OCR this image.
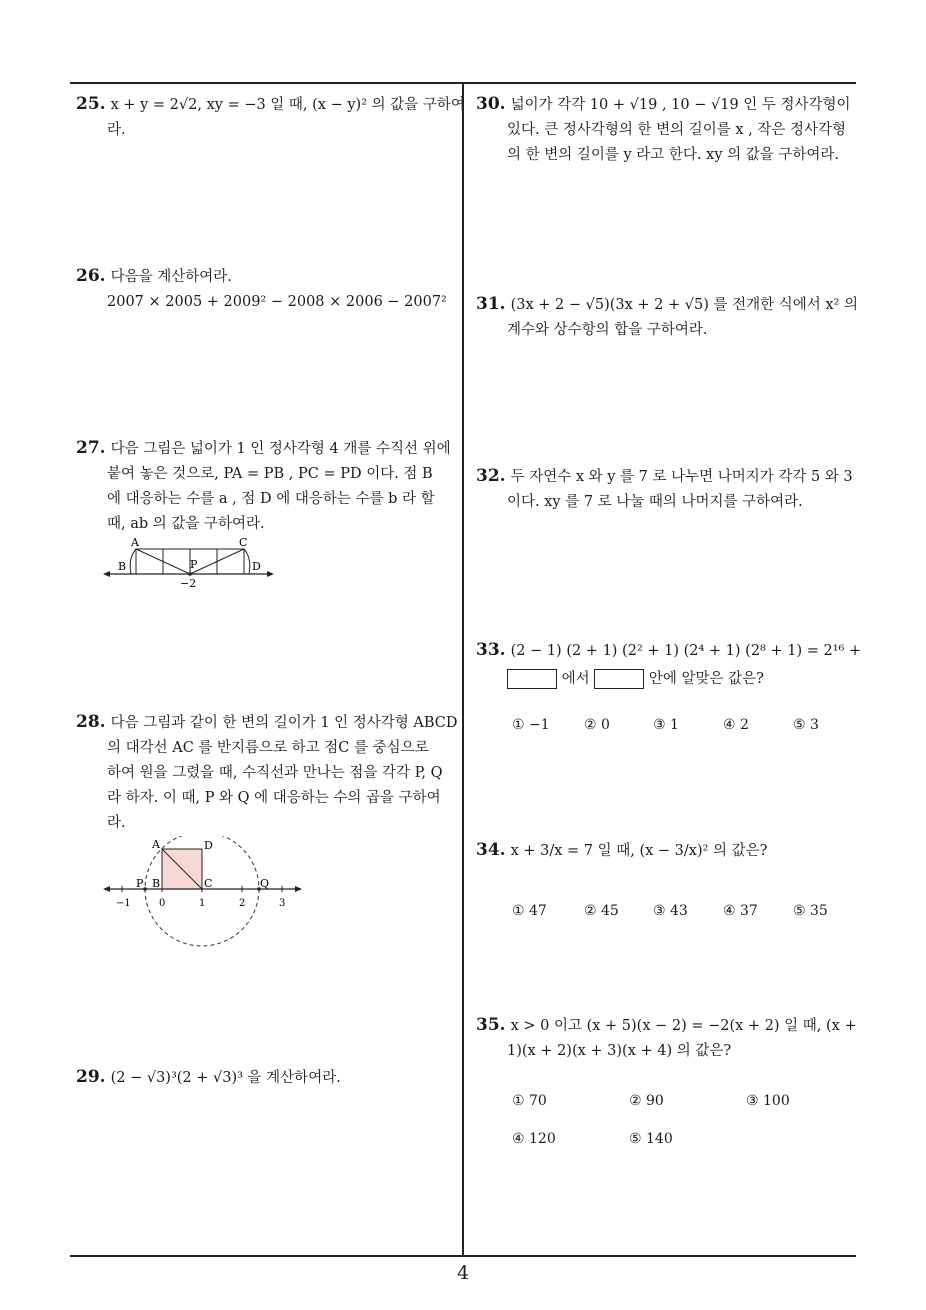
25. x + y = 2√2, xy = −3 일 때, (x − y)² 의 값을 구하여
라.
26. 다음을 계산하여라.
2007 × 2005 + 2009² − 2008 × 2006 − 2007²
27. 다음 그림은 넓이가 1 인 정사각형 4 개를 수직선 위에
붙여 놓은 것으로, PA = PB , PC = PD 이다. 점 B
에 대응하는 수를 a , 점 D 에 대응하는 수를 b 라 할
때, ab 의 값을 구하여라.
A	C
B	P	D
−2
28. 다음 그림과 같이 한 변의 길이가 1 인 정사각형 ABCD
의 대각선 AC 를 반지름으로 하고 점C 를 중심으로
하여 원을 그렸을 때, 수직선과 만나는 점을 각각 P, Q
라 하자. 이 때, P 와 Q 에 대응하는 수의 곱을 구하여
라.
A	D
P B	C	Q
−1	0	1	2	3
29. (2 − √3)³(2 + √3)³ 을 계산하여라.
30. 넓이가 각각 10 + √19 , 10 − √19 인 두 정사각형이
있다. 큰 정사각형의 한 변의 길이를 x , 작은 정사각형
의 한 변의 길이를 y 라고 한다. xy 의 값을 구하여라.
31. (3x + 2 − √5)(3x + 2 + √5) 를 전개한 식에서 x² 의
계수와 상수항의 합을 구하여라.
32. 두 자연수 x 와 y 를 7 로 나누면 나머지가 각각 5 와 3
이다. xy 를 7 로 나눌 때의 나머지를 구하여라.
33. (2 − 1) (2 + 1) (2² + 1) (2⁴ + 1) (2⁸ + 1) = 2¹⁶ +
에서	안에 알맞은 값은?
① −1 ② 0	③ 1	④ 2	⑤ 3
34. x + 3/x = 7 일 때, (x − 3/x)² 의 값은?
① 47	② 45 ③ 43	④ 37	⑤ 35
35. x > 0 이고 (x + 5)(x − 2) = −2(x + 2) 일 때, (x +
1)(x + 2)(x + 3)(x + 4) 의 값은?
① 70	② 90	③ 100
④ 120	⑤ 140
4
